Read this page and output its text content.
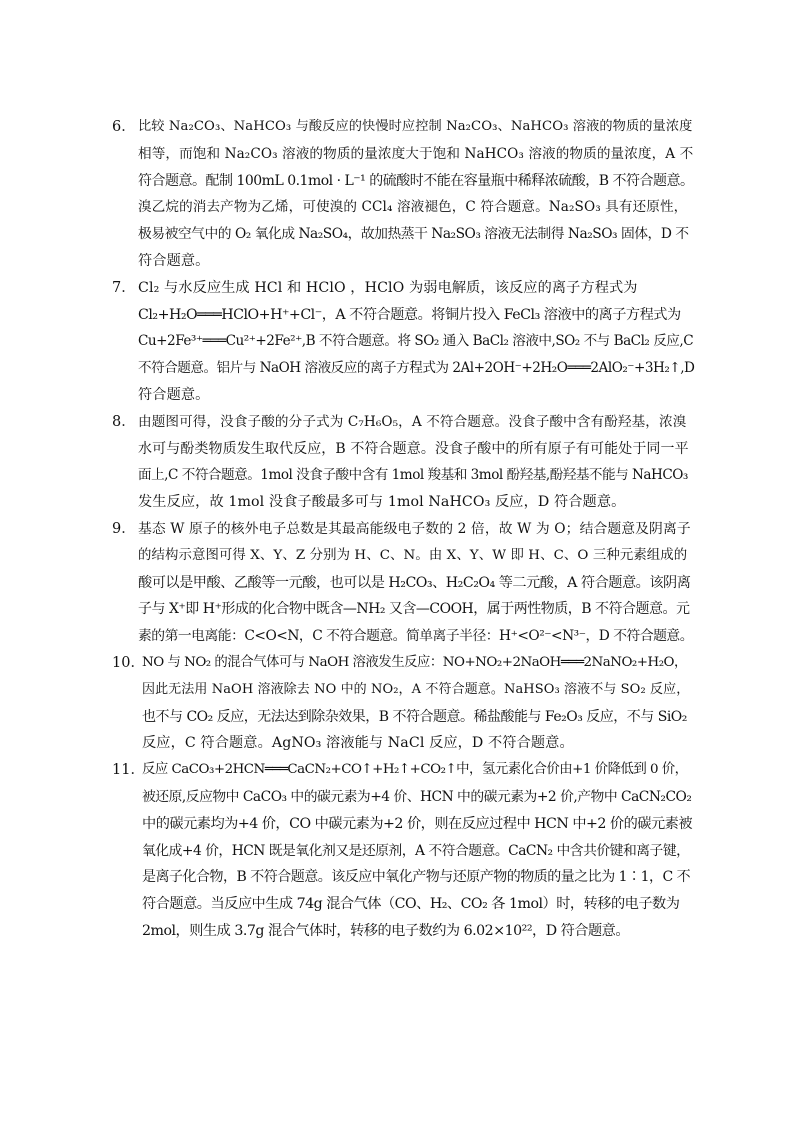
6． 比较 Na₂CO₃、NaHCO₃ 与酸反应的快慢时应控制 Na₂CO₃、NaHCO₃ 溶液的物质的量浓度
相等，而饱和 Na₂CO₃ 溶液的物质的量浓度大于饱和 NaHCO₃ 溶液的物质的量浓度，A 不
符合题意。配制 100mL 0.1mol · L⁻¹ 的硫酸时不能在容量瓶中稀释浓硫酸，B 不符合题意。
溴乙烷的消去产物为乙烯，可使溴的 CCl₄ 溶液褪色，C 符合题意。Na₂SO₃ 具有还原性，
极易被空气中的 O₂ 氧化成 Na₂SO₄，故加热蒸干 Na₂SO₃ 溶液无法制得 Na₂SO₃ 固体，D 不
符合题意。
7． Cl₂ 与水反应生成 HCl 和 HClO ，HClO 为弱电解质，该反应的离子方程式为
Cl₂+H₂O═══HClO+H⁺+Cl⁻，A 不符合题意。将铜片投入 FeCl₃ 溶液中的离子方程式为
Cu+2Fe³⁺═══Cu²⁺+2Fe²⁺,B 不符合题意。将 SO₂ 通入 BaCl₂ 溶液中,SO₂ 不与 BaCl₂ 反应,C
不符合题意。铝片与 NaOH 溶液反应的离子方程式为 2Al+2OH⁻+2H₂O═══2AlO₂⁻+3H₂↑,D
符合题意。
8． 由题图可得，没食子酸的分子式为 C₇H₆O₅，A 不符合题意。没食子酸中含有酚羟基，浓溴
水可与酚类物质发生取代反应，B 不符合题意。没食子酸中的所有原子有可能处于同一平
面上,C 不符合题意。1mol 没食子酸中含有 1mol 羧基和 3mol 酚羟基,酚羟基不能与 NaHCO₃
发生反应，故 1mol 没食子酸最多可与 1mol NaHCO₃ 反应，D 符合题意。
9． 基态 W 原子的核外电子总数是其最高能级电子数的 2 倍，故 W 为 O；结合题意及阴离子
的结构示意图可得 X、Y、Z 分别为 H、C、N。由 X、Y、W 即 H、C、O 三种元素组成的
酸可以是甲酸、乙酸等一元酸，也可以是 H₂CO₃、H₂C₂O₄ 等二元酸，A 符合题意。该阴离
子与 X⁺即 H⁺形成的化合物中既含—NH₂ 又含—COOH，属于两性物质，B 不符合题意。元
素的第一电离能：C<O<N，C 不符合题意。简单离子半径：H⁺<O²⁻<N³⁻，D 不符合题意。
10．
NO 与 NO₂ 的混合气体可与 NaOH 溶液发生反应：NO+NO₂+2NaOH═══2NaNO₂+H₂O，
因此无法用 NaOH 溶液除去 NO 中的 NO₂，A 不符合题意。NaHSO₃ 溶液不与 SO₂ 反应，
也不与 CO₂ 反应，无法达到除杂效果，B 不符合题意。稀盐酸能与 Fe₂O₃ 反应，不与 SiO₂
反应，C 符合题意。AgNO₃ 溶液能与 NaCl 反应，D 不符合题意。
11．
反应 CaCO₃+2HCN═══CaCN₂+CO↑+H₂↑+CO₂↑中，氢元素化合价由+1 价降低到 0 价，
被还原,反应物中 CaCO₃ 中的碳元素为+4 价、HCN 中的碳元素为+2 价,产物中 CaCN₂CO₂
中的碳元素均为+4 价，CO 中碳元素为+2 价，则在反应过程中 HCN 中+2 价的碳元素被
氧化成+4 价，HCN 既是氧化剂又是还原剂，A 不符合题意。CaCN₂ 中含共价键和离子键，
是离子化合物，B 不符合题意。该反应中氧化产物与还原产物的物质的量之比为 1∶1，C 不
符合题意。当反应中生成 74g 混合气体（CO、H₂、CO₂ 各 1mol）时，转移的电子数为
2mol，则生成 3.7g 混合气体时，转移的电子数约为 6.02×10²²，D 符合题意。
